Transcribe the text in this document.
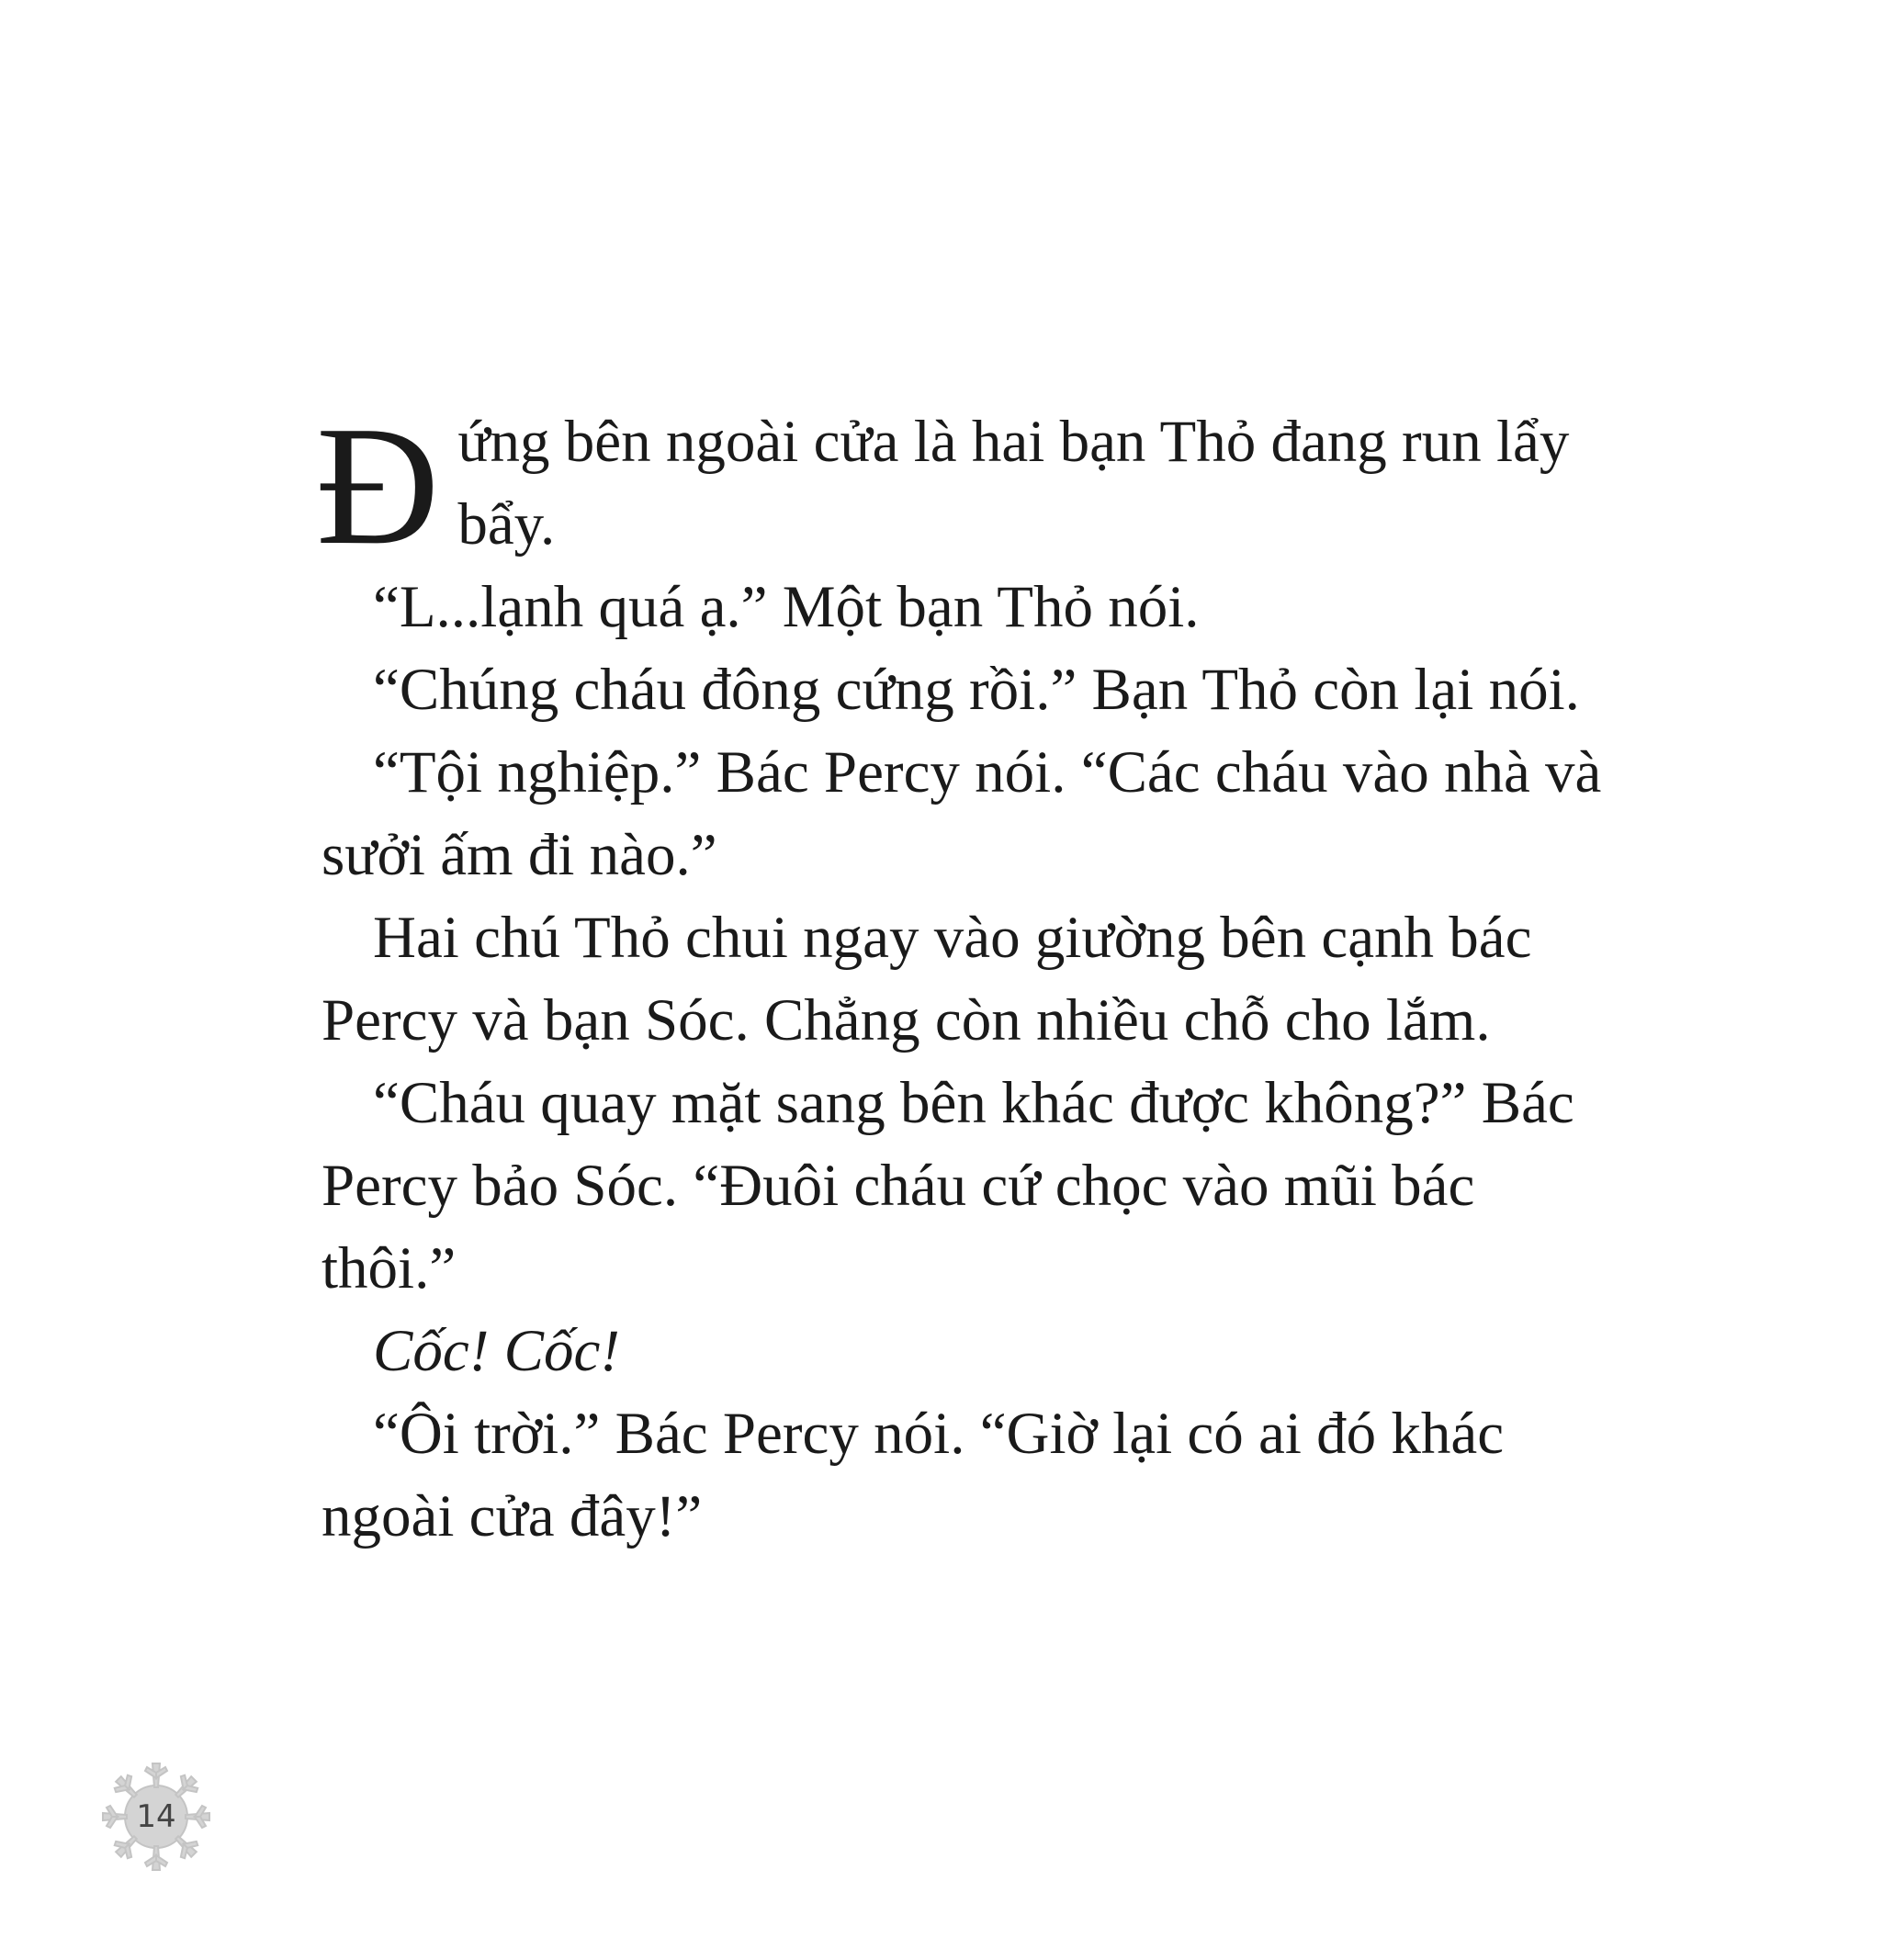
Đứng bên ngoài cửa là hai bạn Thỏ đang run lẩy bẩy.

“L...lạnh quá ạ.” Một bạn Thỏ nói.

“Chúng cháu đông cứng rồi.” Bạn Thỏ còn lại nói.

“Tội nghiệp.” Bác Percy nói. “Các cháu vào nhà và sưởi ấm đi nào.”

Hai chú Thỏ chui ngay vào giường bên cạnh bác Percy và bạn Sóc. Chẳng còn nhiều chỗ cho lắm.

“Cháu quay mặt sang bên khác được không?” Bác Percy bảo Sóc. “Đuôi cháu cứ chọc vào mũi bác thôi.”

Cốc! Cốc!

“Ôi trời.” Bác Percy nói. “Giờ lại có ai đó khác ngoài cửa đây!”

14
